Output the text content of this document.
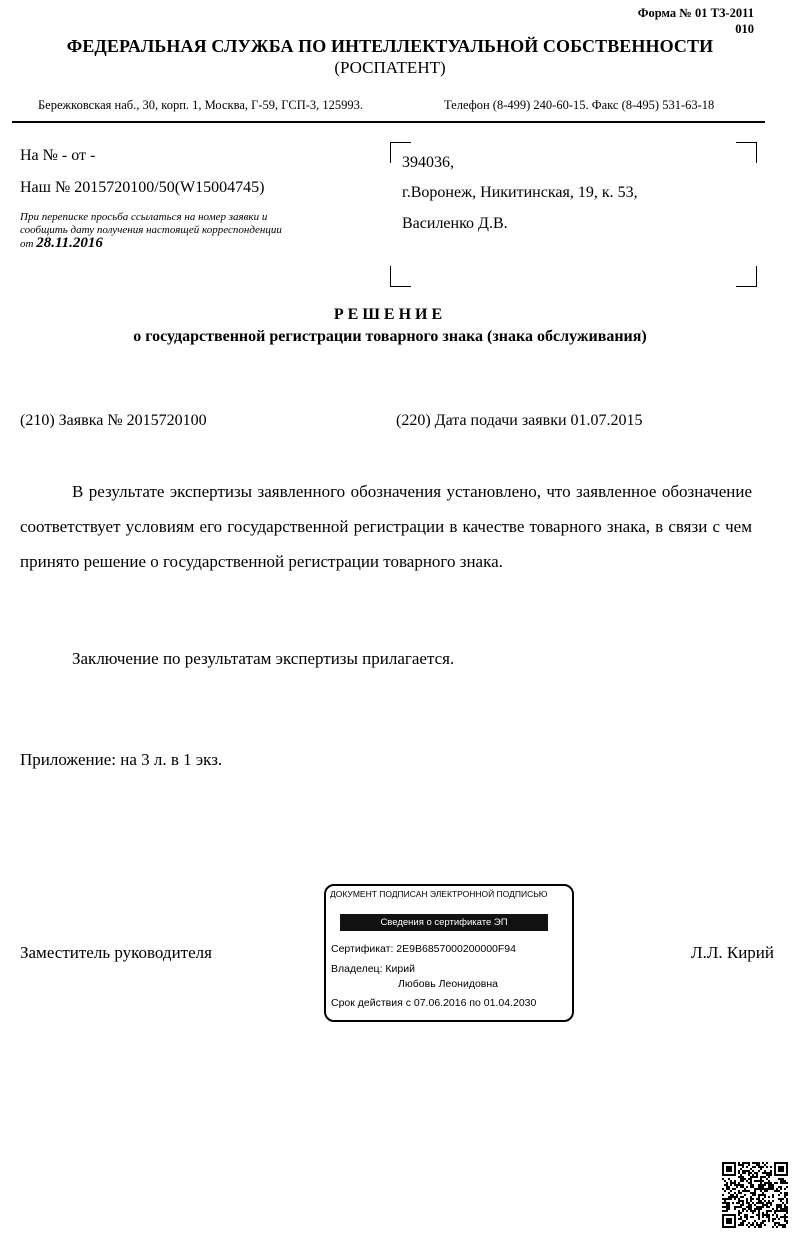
Форма № 01 ТЗ-2011
010
ФЕДЕРАЛЬНАЯ СЛУЖБА ПО ИНТЕЛЛЕКТУАЛЬНОЙ СОБСТВЕННОСТИ
(РОСПАТЕНТ)
Бережковская наб., 30, корп. 1, Москва, Г-59, ГСП-3, 125993.	Телефон (8-499) 240-60-15. Факс (8-495) 531-63-18
На № - от -
Наш № 2015720100/50(W15004745)
При переписке просьба ссылаться на номер заявки и
сообщить дату получения настоящей корреспонденции
от 28.11.2016
394036,
г.Воронеж, Никитинская, 19, к. 53,
Василенко Д.В.
РЕШЕНИЕ
о государственной регистрации товарного знака (знака обслуживания)
(210) Заявка № 2015720100	(220) Дата подачи заявки 01.07.2015
В результате экспертизы заявленного обозначения установлено, что заявленное обозначение соответствует условиям его государственной регистрации в качестве товарного знака, в связи с чем принято решение о государственной регистрации товарного знака.
Заключение по результатам экспертизы прилагается.
Приложение: на 3 л. в 1 экз.
Заместитель руководителя	Л.Л. Кирий
ДОКУМЕНТ ПОДПИСАН ЭЛЕКТРОННОЙ ПОДПИСЬЮ
Сведения о сертификате ЭП
Сертификат: 2E9B6857000200000F94
Владелец: Кирий
Любовь Леонидовна
Срок действия с 07.06.2016 по 01.04.2030
